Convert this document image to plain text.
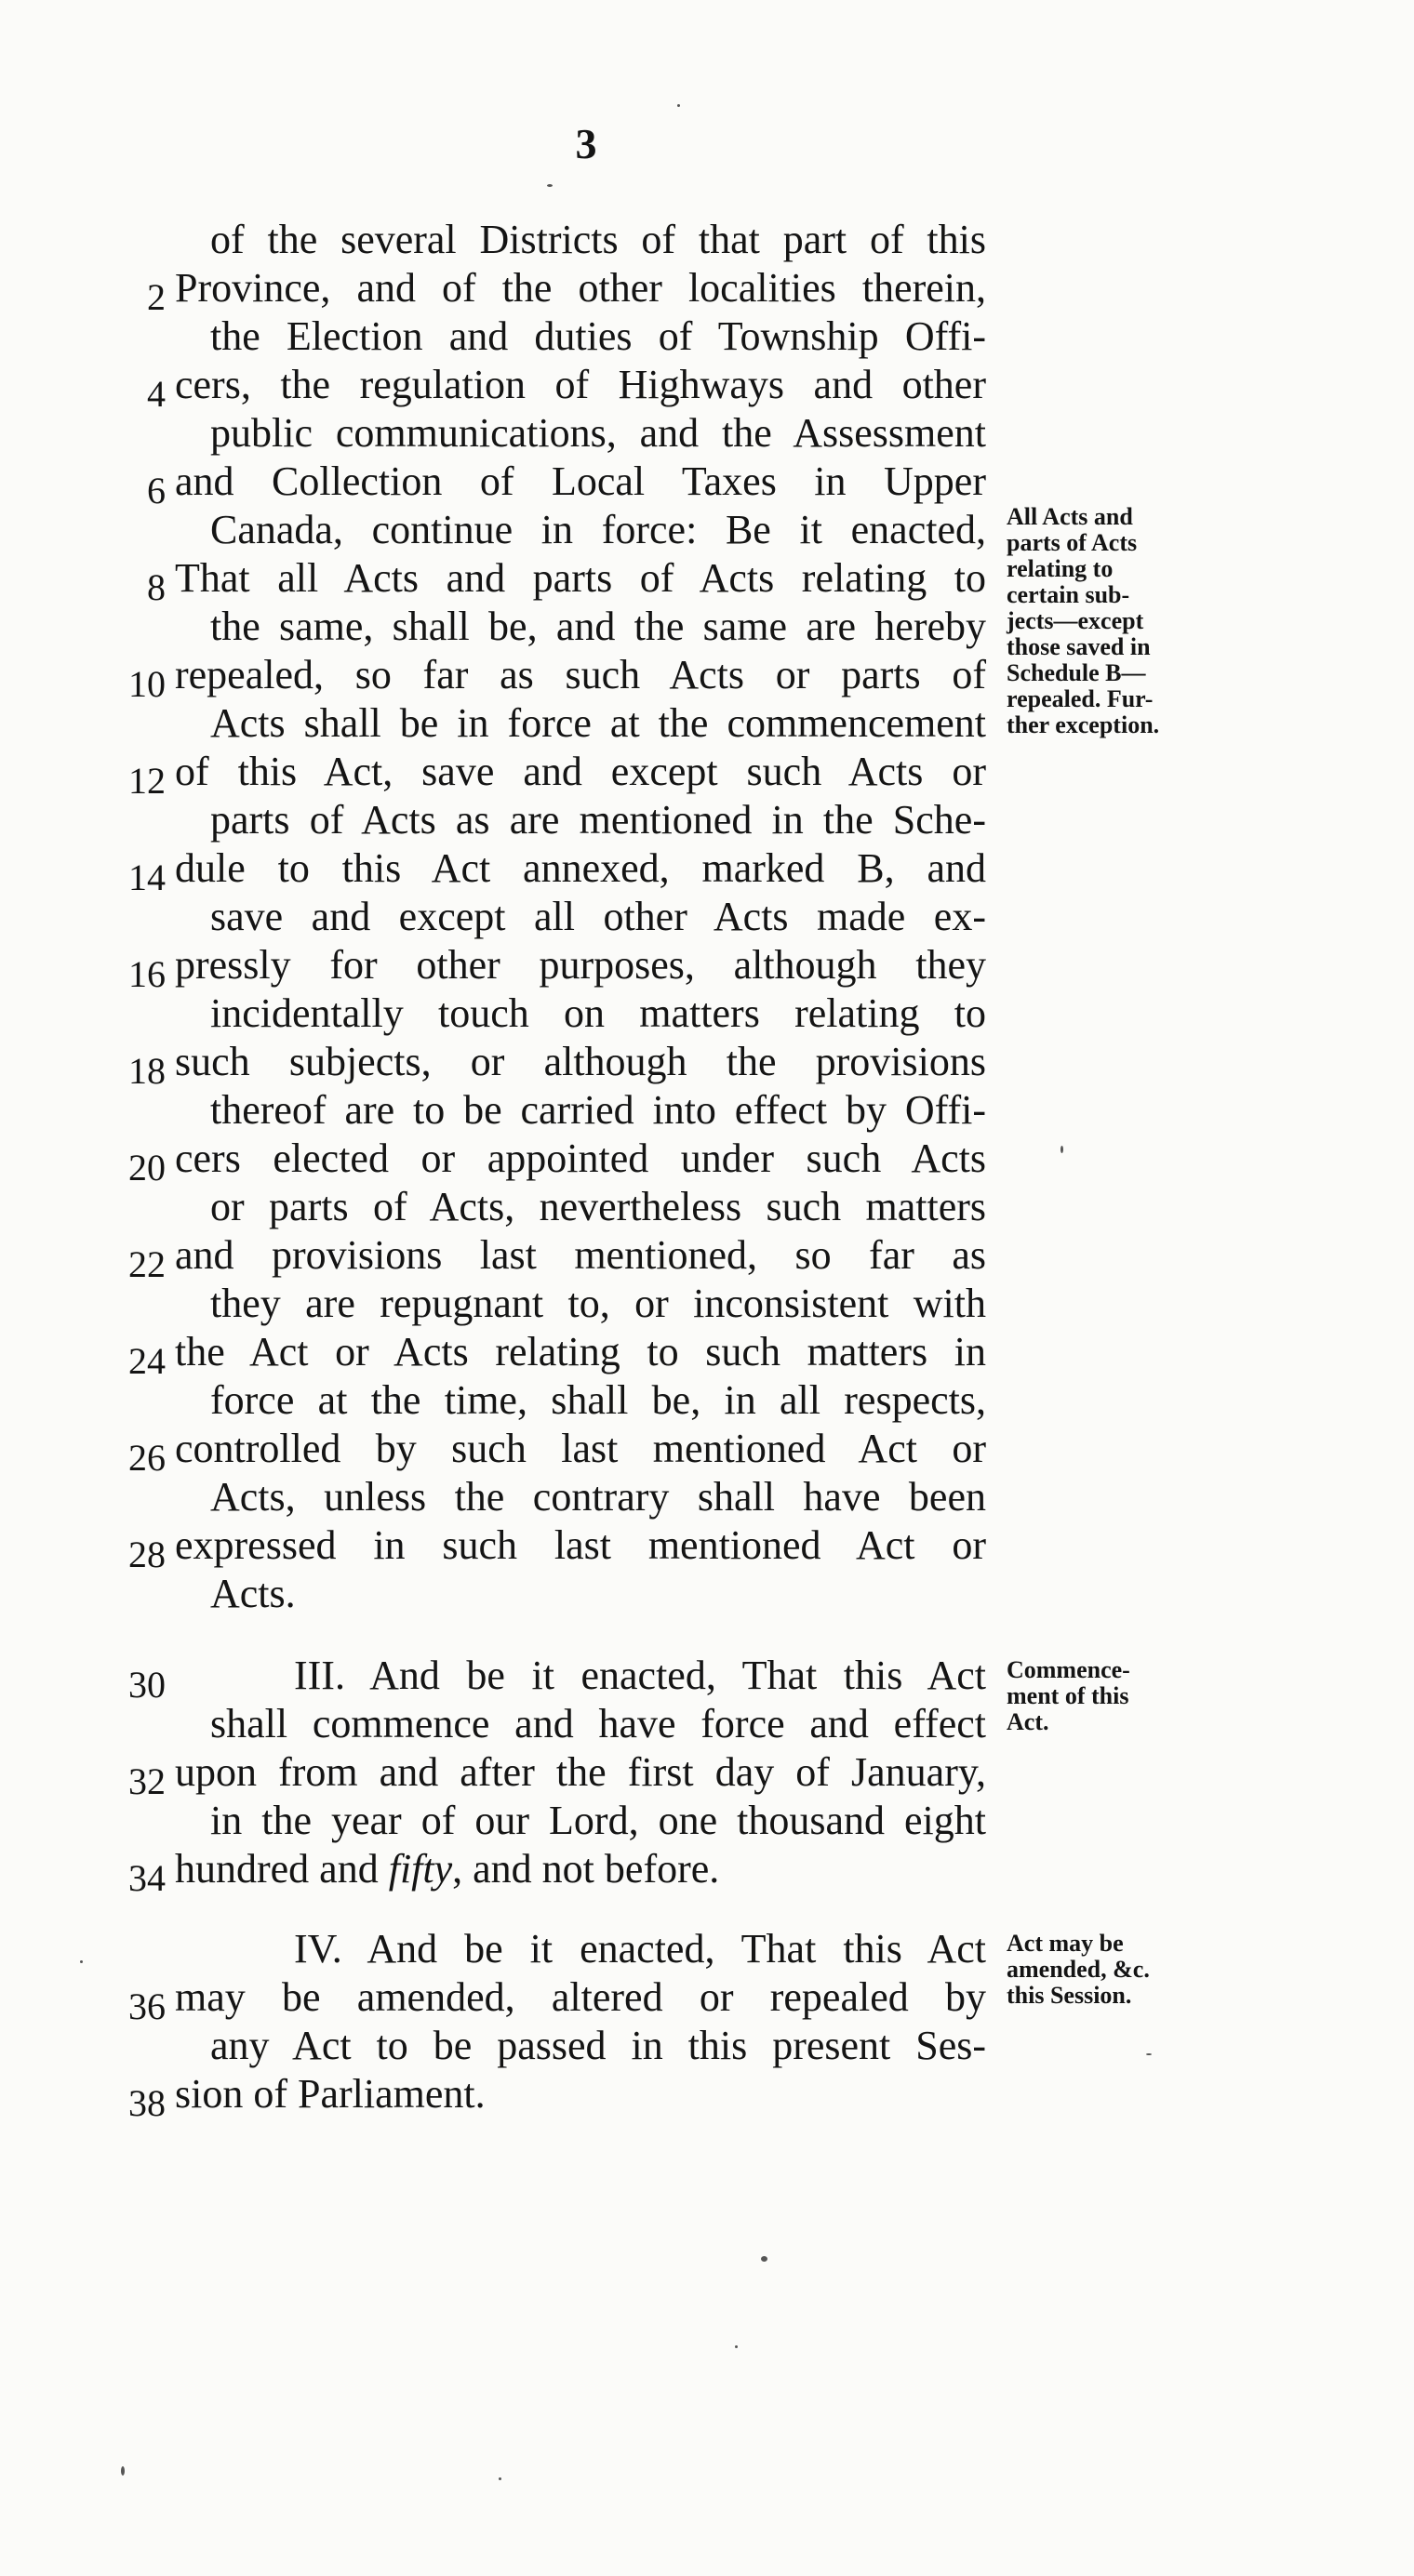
3
of the several Districts of that part of this
2 Province, and of the other localities therein,
the Election and duties of Township Offi-
4 cers, the regulation of Highways and other
public communications, and the Assessment
6 and Collection of Local Taxes in Upper
Canada, continue in force: Be it enacted,
8 That all Acts and parts of Acts relating to
the same, shall be, and the same are hereby
10 repealed, so far as such Acts or parts of
Acts shall be in force at the commencement
12 of this Act, save and except such Acts or
parts of Acts as are mentioned in the Sche-
14 dule to this Act annexed, marked B, and
save and except all other Acts made ex-
16 pressly for other purposes, although they
incidentally touch on matters relating to
18 such subjects, or although the provisions
thereof are to be carried into effect by Offi-
20 cers elected or appointed under such Acts
or parts of Acts, nevertheless such matters
22 and provisions last mentioned, so far as
they are repugnant to, or inconsistent with
24 the Act or Acts relating to such matters in
force at the time, shall be, in all respects,
26 controlled by such last mentioned Act or
Acts, unless the contrary shall have been
28 expressed in such last mentioned Act or
Acts.
30	III. And be it enacted, That this Act
shall commence and have force and effect
32 upon from and after the first day of January,
in the year of our Lord, one thousand eight
34 hundred and fifty, and not before.
IV. And be it enacted, That this Act
36 may be amended, altered or repealed by
any Act to be passed in this present Ses-
38 sion of Parliament.
All Acts and
parts of Acts
relating to
certain sub-
jects—except
those saved in
Schedule B—
repealed. Fur-
ther exception.
Commence-
ment of this
Act.
Act may be
amended, &c.
this Session.
